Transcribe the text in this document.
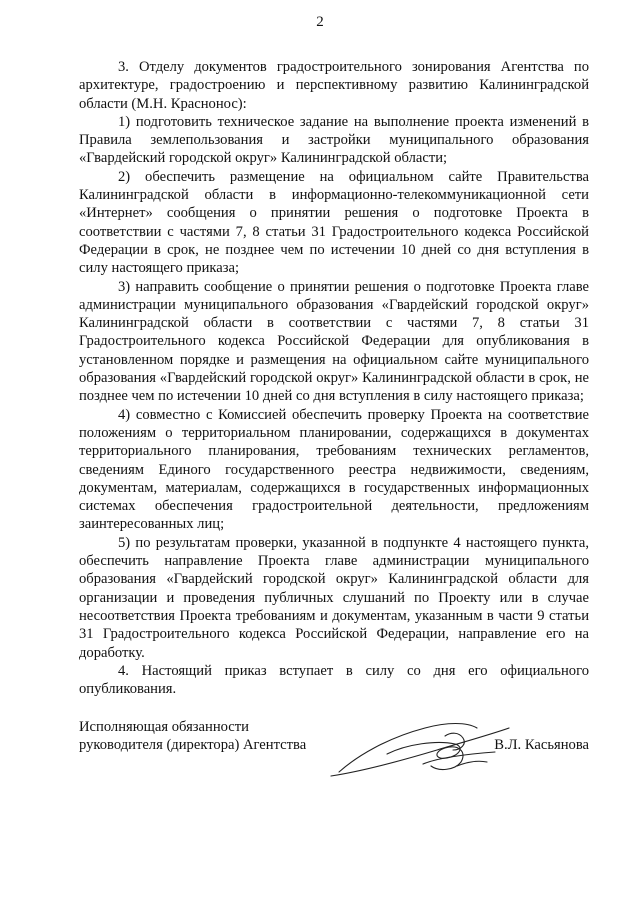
2

3. Отделу документов градостроительного зонирования Агентства по архитектуре, градостроению и перспективному развитию Калининградской области (М.Н. Краснонос):

1) подготовить техническое задание на выполнение проекта изменений в Правила землепользования и застройки муниципального образования «Гвардейский городской округ» Калининградской области;

2) обеспечить размещение на официальном сайте Правительства Калининградской области в информационно-телекоммуникационной сети «Интернет» сообщения о принятии решения о подготовке Проекта в соответствии с частями 7, 8 статьи 31 Градостроительного кодекса Российской Федерации в срок, не позднее чем по истечении 10 дней со дня вступления в силу настоящего приказа;

3) направить сообщение о принятии решения о подготовке Проекта главе администрации муниципального образования «Гвардейский городской округ» Калининградской области в соответствии с частями 7, 8 статьи 31 Градостроительного кодекса Российской Федерации для опубликования в установленном порядке и размещения на официальном сайте муниципального образования «Гвардейский городской округ» Калининградской области в срок, не позднее чем по истечении 10 дней со дня вступления в силу настоящего приказа;

4) совместно с Комиссией обеспечить проверку Проекта на соответствие положениям о территориальном планировании, содержащихся в документах территориального планирования, требованиям технических регламентов, сведениям Единого государственного реестра недвижимости, сведениям, документам, материалам, содержащихся в государственных информационных системах обеспечения градостроительной деятельности, предложениям заинтересованных лиц;

5) по результатам проверки, указанной в подпункте 4 настоящего пункта, обеспечить направление Проекта главе администрации муниципального образования «Гвардейский городской округ» Калининградской области для организации и проведения публичных слушаний по Проекту или в случае несоответствия Проекта требованиям и документам, указанным в части 9 статьи 31 Градостроительного кодекса Российской Федерации, направление его на доработку.

4. Настоящий приказ вступает в силу со дня его официального опубликования.

Исполняющая обязанности
руководителя (директора) Агентства	В.Л. Касьянова
